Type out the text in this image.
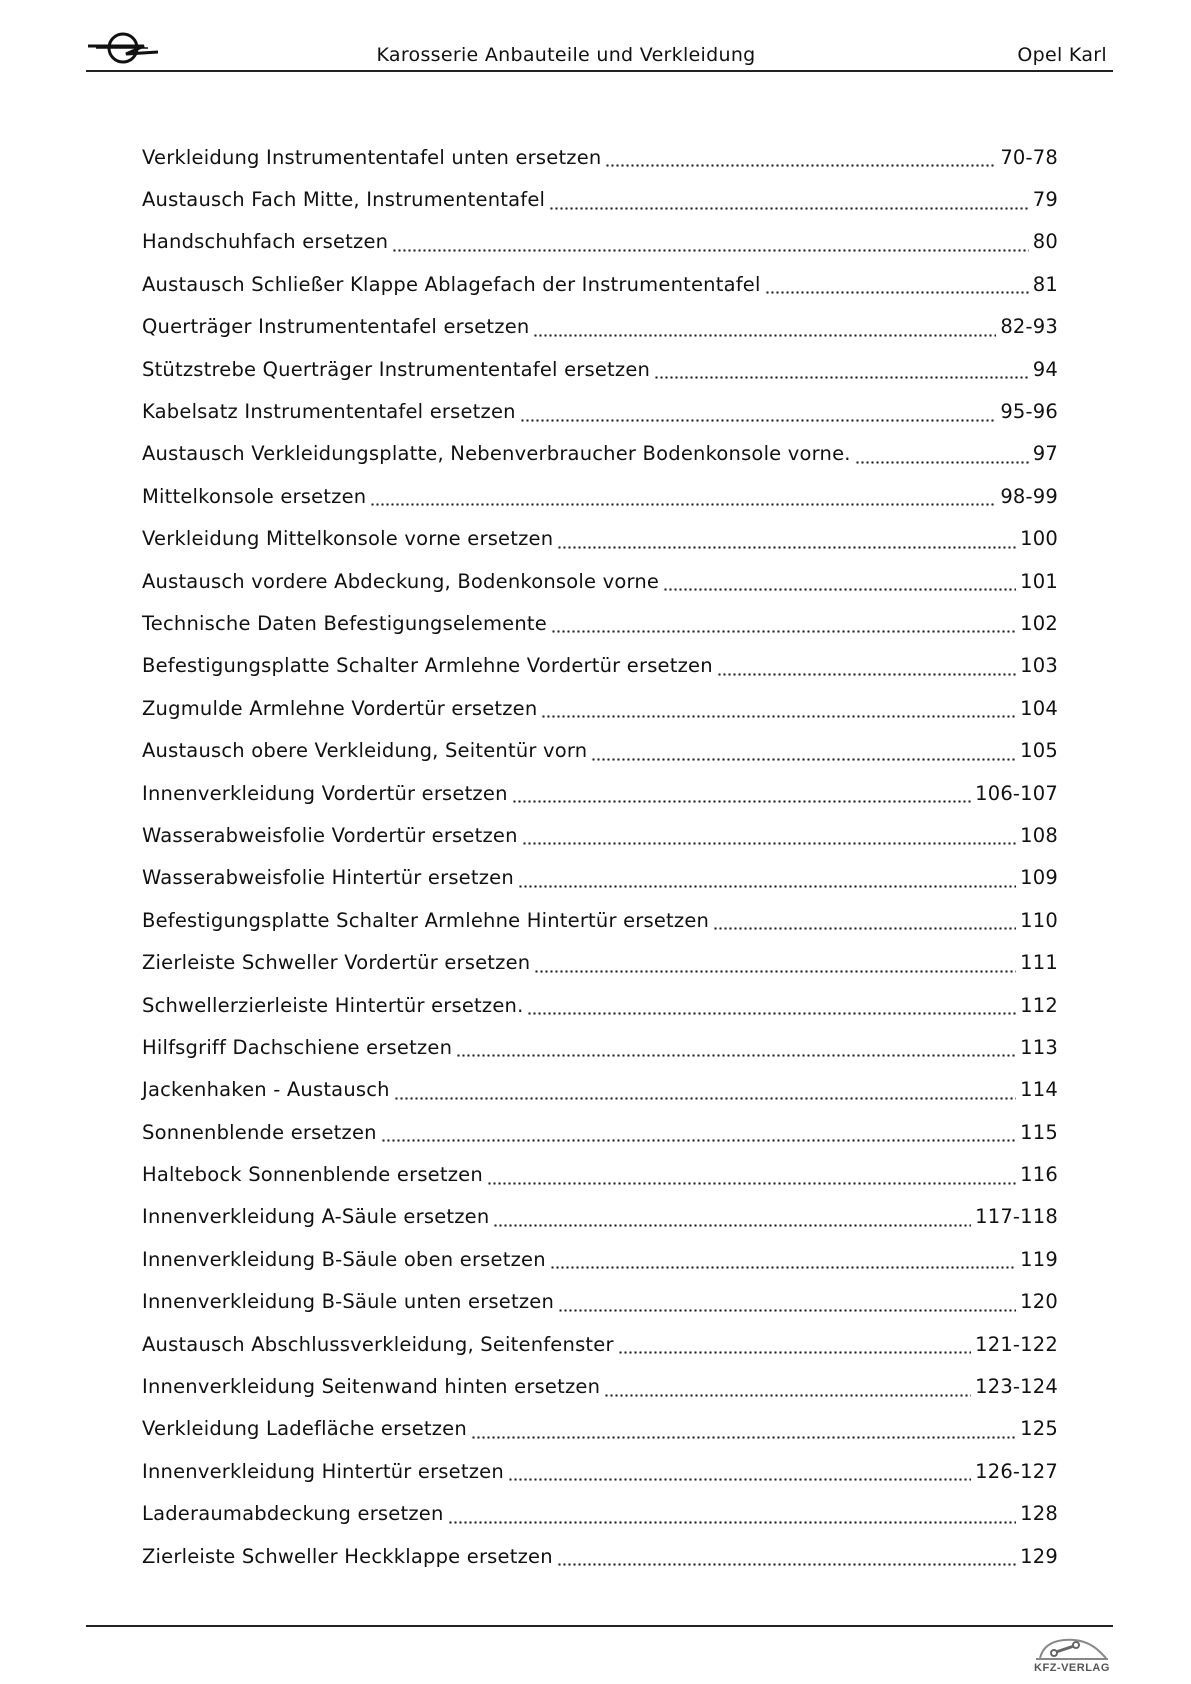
Karosserie Anbauteile und Verkleidung	Opel Karl
Verkleidung Instrumententafel unten ersetzen	70-78
Austausch Fach Mitte, Instrumententafel	79
Handschuhfach ersetzen	80
Austausch Schließer Klappe Ablagefach der Instrumententafel	81
Querträger Instrumententafel ersetzen	82-93
Stützstrebe Querträger Instrumententafel ersetzen	94
Kabelsatz Instrumententafel ersetzen	95-96
Austausch Verkleidungsplatte, Nebenverbraucher Bodenkonsole vorne.	97
Mittelkonsole ersetzen	98-99
Verkleidung Mittelkonsole vorne ersetzen	100
Austausch vordere Abdeckung, Bodenkonsole vorne	101
Technische Daten Befestigungselemente	102
Befestigungsplatte Schalter Armlehne Vordertür ersetzen	103
Zugmulde Armlehne Vordertür ersetzen	104
Austausch obere Verkleidung, Seitentür vorn	105
Innenverkleidung Vordertür ersetzen	106-107
Wasserabweisfolie Vordertür ersetzen	108
Wasserabweisfolie Hintertür ersetzen	109
Befestigungsplatte Schalter Armlehne Hintertür ersetzen	110
Zierleiste Schweller Vordertür ersetzen	111
Schwellerzierleiste Hintertür ersetzen.	112
Hilfsgriff Dachschiene ersetzen	113
Jackenhaken - Austausch	114
Sonnenblende ersetzen	115
Haltebock Sonnenblende ersetzen	116
Innenverkleidung A-Säule ersetzen	117-118
Innenverkleidung B-Säule oben ersetzen	119
Innenverkleidung B-Säule unten ersetzen	120
Austausch Abschlussverkleidung, Seitenfenster	121-122
Innenverkleidung Seitenwand hinten ersetzen	123-124
Verkleidung Ladefläche ersetzen	125
Innenverkleidung Hintertür ersetzen	126-127
Laderaumabdeckung ersetzen	128
Zierleiste Schweller Heckklappe ersetzen	129
KFZ-VERLAG
